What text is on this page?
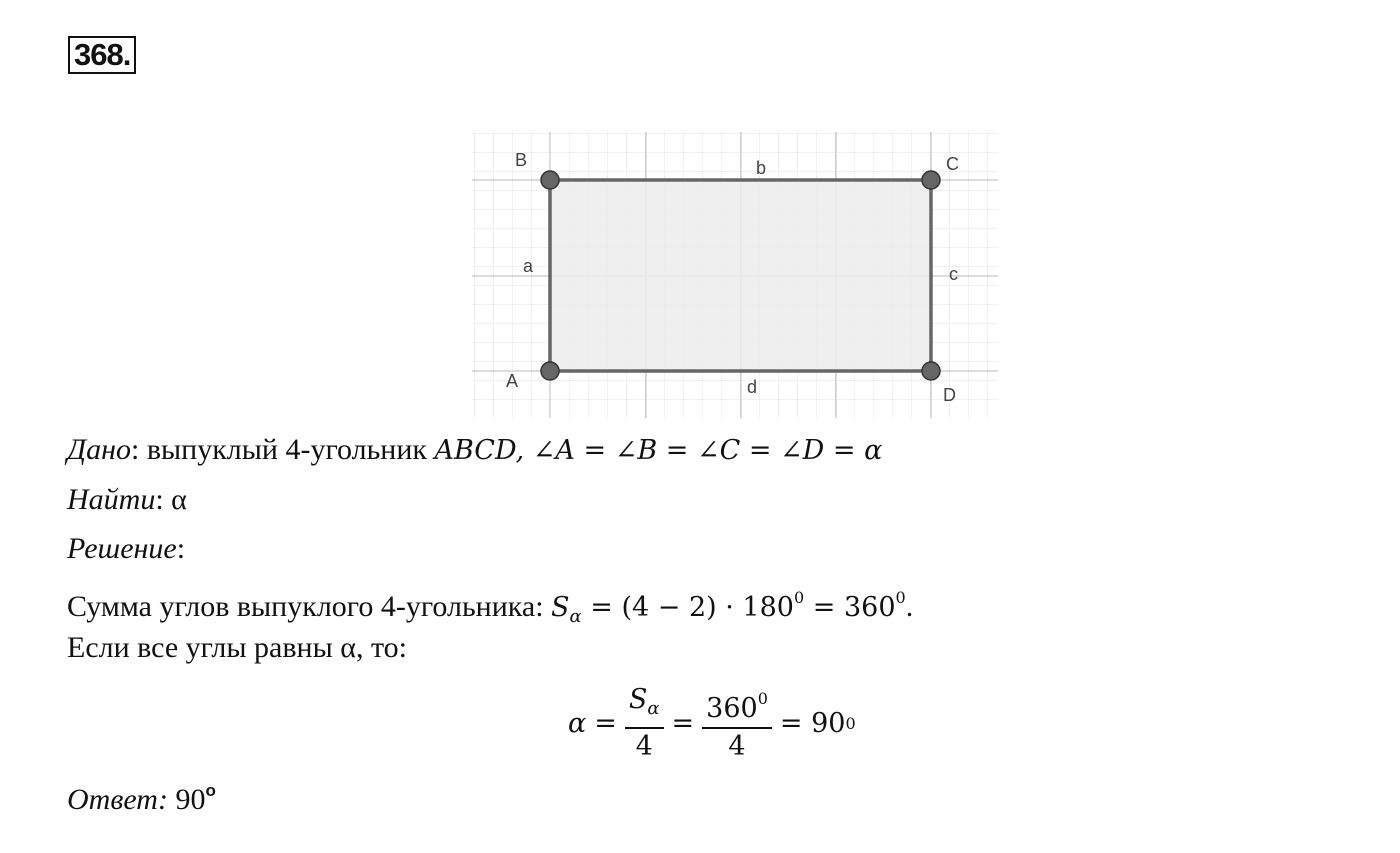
368.
A
B	C
D
a
b
c
d
Дано: выпуклый 4-угольник ABCD, ∠A = ∠B = ∠C = ∠D = α
Найти: α
Решение:
Сумма углов выпуклого 4-угольника: $S_\alpha = (4 - 2) \cdot 180^0 = 360^0$.
Если все углы равны α, то:
$\alpha = \frac{S_\alpha}{4} = \frac{360^0}{4} = 90$ 0
Ответ: 90$^o$
